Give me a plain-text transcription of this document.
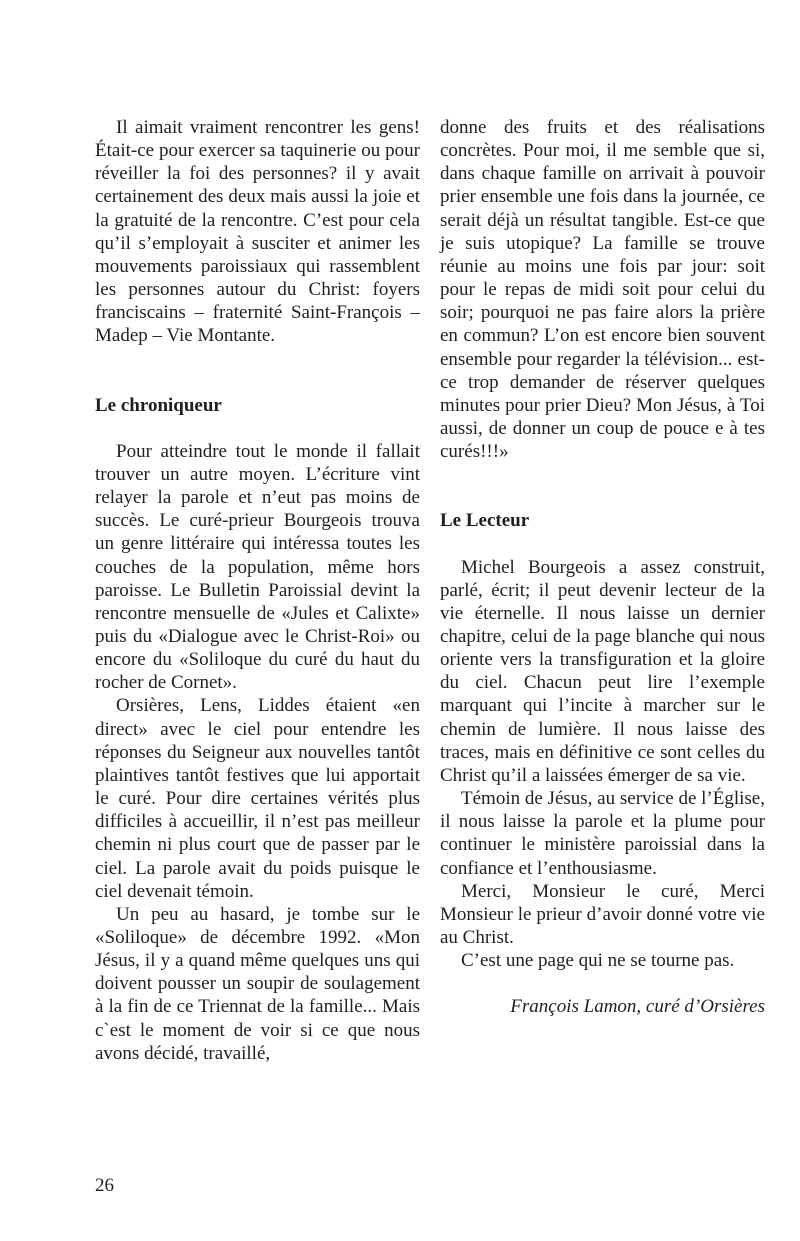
Il aimait vraiment rencontrer les gens! Était-ce pour exercer sa taquinerie ou pour réveiller la foi des personnes? il y avait certainement des deux mais aussi la joie et la gratuité de la rencontre. C’est pour cela qu’il s’employait à susciter et animer les mouvements paroissiaux qui rassemblent les personnes autour du Christ: foyers franciscains – fraternité Saint-François – Madep – Vie Montante.

Le chroniqueur

Pour atteindre tout le monde il fallait trouver un autre moyen. L’écriture vint relayer la parole et n’eut pas moins de succès. Le curé-prieur Bourgeois trouva un genre littéraire qui intéressa toutes les couches de la population, même hors paroisse. Le Bulletin Paroissial devint la rencontre mensuelle de «Jules et Calixte» puis du «Dialogue avec le Christ-Roi» ou encore du «Soliloque du curé du haut du rocher de Cornet».

Orsières, Lens, Liddes étaient «en direct» avec le ciel pour entendre les réponses du Seigneur aux nouvelles tantôt plaintives tantôt festives que lui apportait le curé. Pour dire certaines vérités plus difficiles à accueillir, il n’est pas meilleur chemin ni plus court que de passer par le ciel. La parole avait du poids puisque le ciel devenait témoin.

Un peu au hasard, je tombe sur le «Soliloque» de décembre 1992. «Mon Jésus, il y a quand même quelques uns qui doivent pousser un soupir de soulagement à la fin de ce Triennat de la famille... Mais c`est le moment de voir si ce que nous avons décidé, travaillé,

donne des fruits et des réalisations concrètes. Pour moi, il me semble que si, dans chaque famille on arrivait à pouvoir prier ensemble une fois dans la journée, ce serait déjà un résultat tangible. Est-ce que je suis utopique? La famille se trouve réunie au moins une fois par jour: soit pour le repas de midi soit pour celui du soir; pourquoi ne pas faire alors la prière en commun? L’on est encore bien souvent ensemble pour regarder la télévision... est-ce trop demander de réserver quelques minutes pour prier Dieu? Mon Jésus, à Toi aussi, de donner un coup de pouce e à tes curés!!!»

Le Lecteur

Michel Bourgeois a assez construit, parlé, écrit; il peut devenir lecteur de la vie éternelle. Il nous laisse un dernier chapitre, celui de la page blanche qui nous oriente vers la transfiguration et la gloire du ciel. Chacun peut lire l’exemple marquant qui l’incite à marcher sur le chemin de lumière. Il nous laisse des traces, mais en définitive ce sont celles du Christ qu’il a laissées émerger de sa vie.

Témoin de Jésus, au service de l’Église, il nous laisse la parole et la plume pour continuer le ministère paroissial dans la confiance et l’enthousiasme.

Merci, Monsieur le curé, Merci Monsieur le prieur d’avoir donné votre vie au Christ.

C’est une page qui ne se tourne pas.

François Lamon, curé d’Orsières

26
